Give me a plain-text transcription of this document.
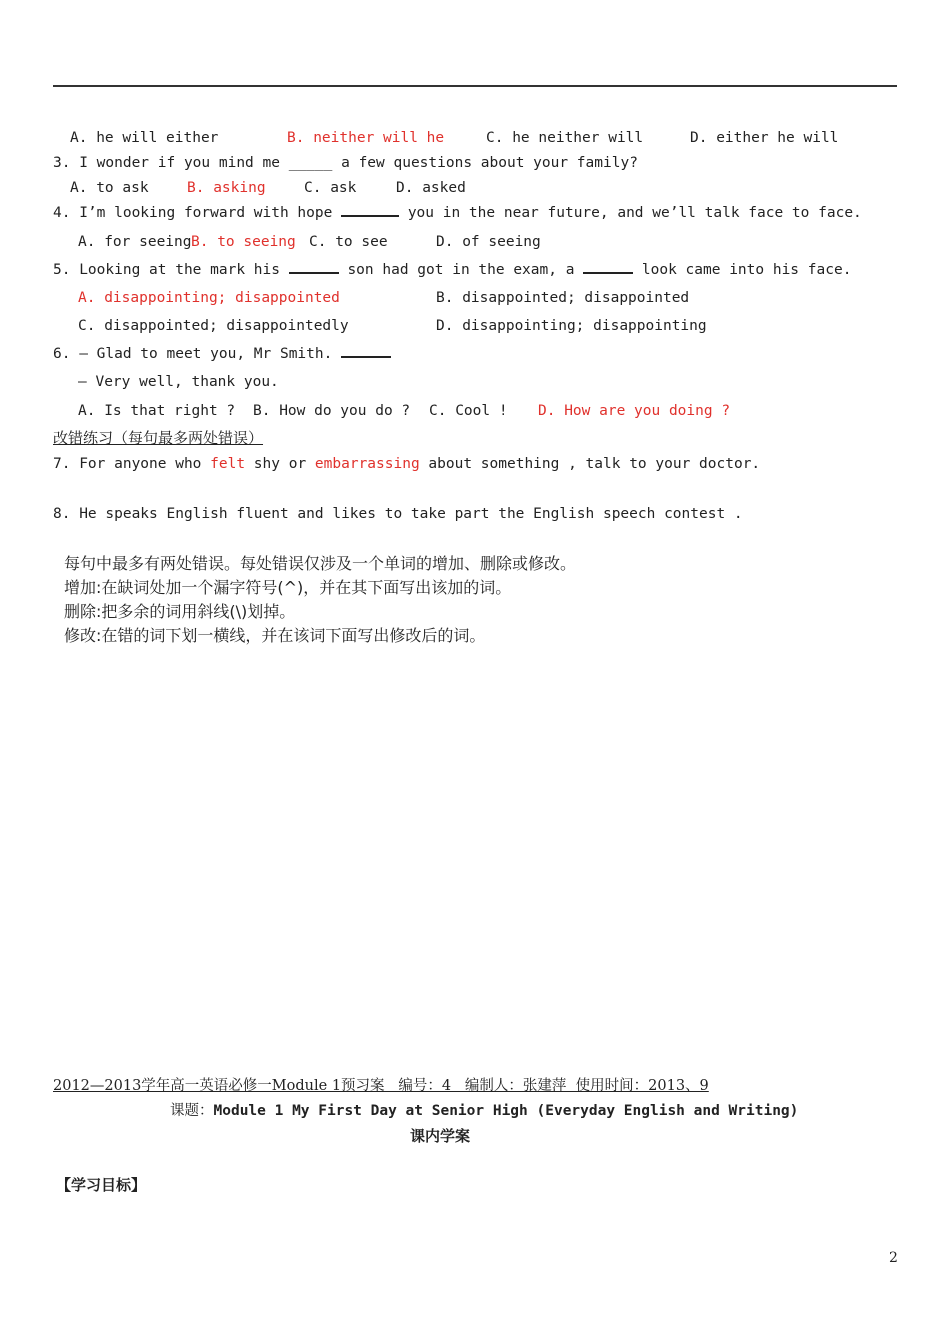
A. he will either	B. neither will he	C. he neither will	D. either he will
3. I wonder if you mind me _____ a few questions about your family?
A. to ask	B. asking	C. ask	D. asked
4. I’m looking forward with hope	you in the near future, and we’ll talk face to face.
A. for seeing B. to seeing C. to see	D. of seeing
5. Looking at the mark his	son had got in the exam, a	look came into his face.
A. disappointing; disappointed	B. disappointed; disappointed
C. disappointed; disappointedly	D. disappointing; disappointing
6. — Glad to meet you, Mr Smith.
— Very well, thank you.
A. Is that right ? B. How do you do ? C. Cool ! D. How are you doing ?
改错练习（每句最多两处错误）
7. For anyone who felt shy or embarrassing about something , talk to your doctor.
8. He speaks English fluent and likes to take part the English speech contest .
每句中最多有两处错误。每处错误仅涉及一个单词的增加、删除或修改。
增加:在缺词处加一个漏字符号(^)，并在其下面写出该加的词。
删除:把多余的词用斜线(\)划掉。
修改:在错的词下划一横线，并在该词下面写出修改后的词。
2012—2013学年高一英语必修一Module 1预习案   编号：4   编制人：张建萍  使用时间：2013、9
课题：Module 1 My First Day at Senior High (Everyday English and Writing)
课内学案
【学习目标】
2
